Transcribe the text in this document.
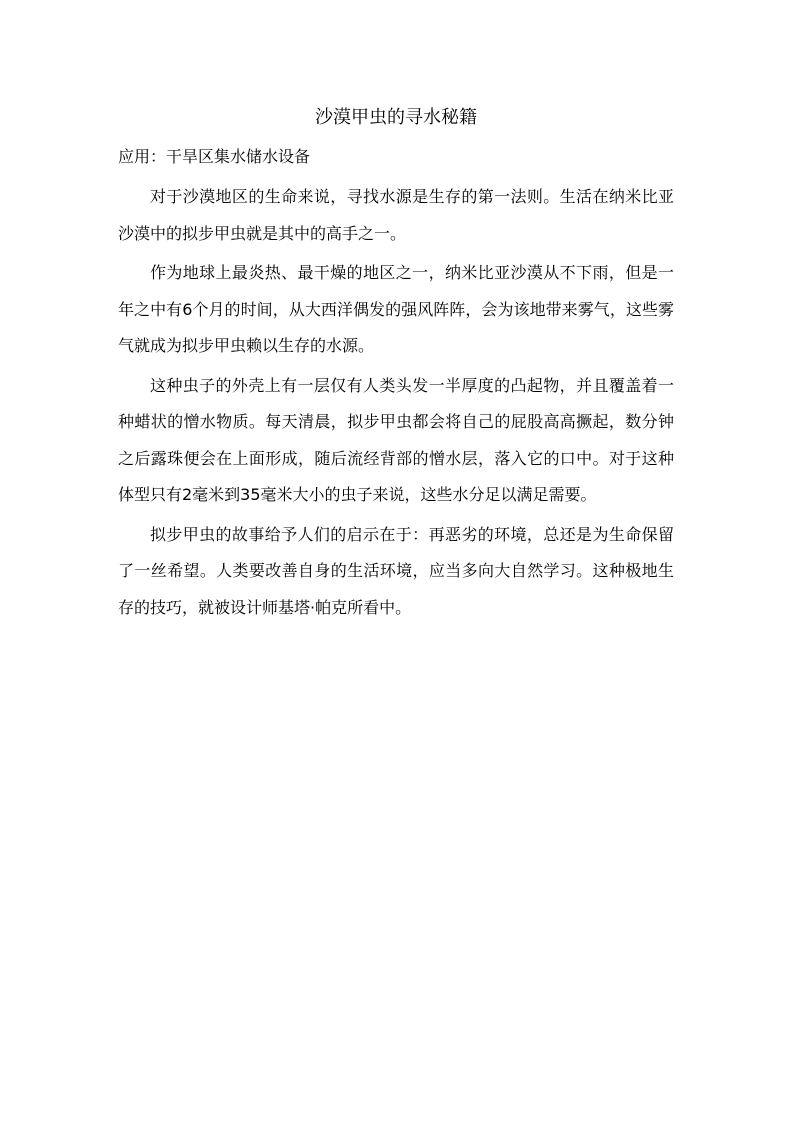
沙漠甲虫的寻水秘籍
应用：干旱区集水储水设备

对于沙漠地区的生命来说，寻找水源是生存的第一法则。生活在纳米比亚沙漠中的拟步甲虫就是其中的高手之一。

作为地球上最炎热、最干燥的地区之一，纳米比亚沙漠从不下雨，但是一年之中有6个月的时间，从大西洋偶发的强风阵阵，会为该地带来雾气，这些雾气就成为拟步甲虫赖以生存的水源。

这种虫子的外壳上有一层仅有人类头发一半厚度的凸起物，并且覆盖着一种蜡状的憎水物质。每天清晨，拟步甲虫都会将自己的屁股高高撅起，数分钟之后露珠便会在上面形成，随后流经背部的憎水层，落入它的口中。对于这种体型只有2毫米到35毫米大小的虫子来说，这些水分足以满足需要。

拟步甲虫的故事给予人们的启示在于：再恶劣的环境，总还是为生命保留了一丝希望。人类要改善自身的生活环境，应当多向大自然学习。这种极地生存的技巧，就被设计师基塔·帕克所看中。
